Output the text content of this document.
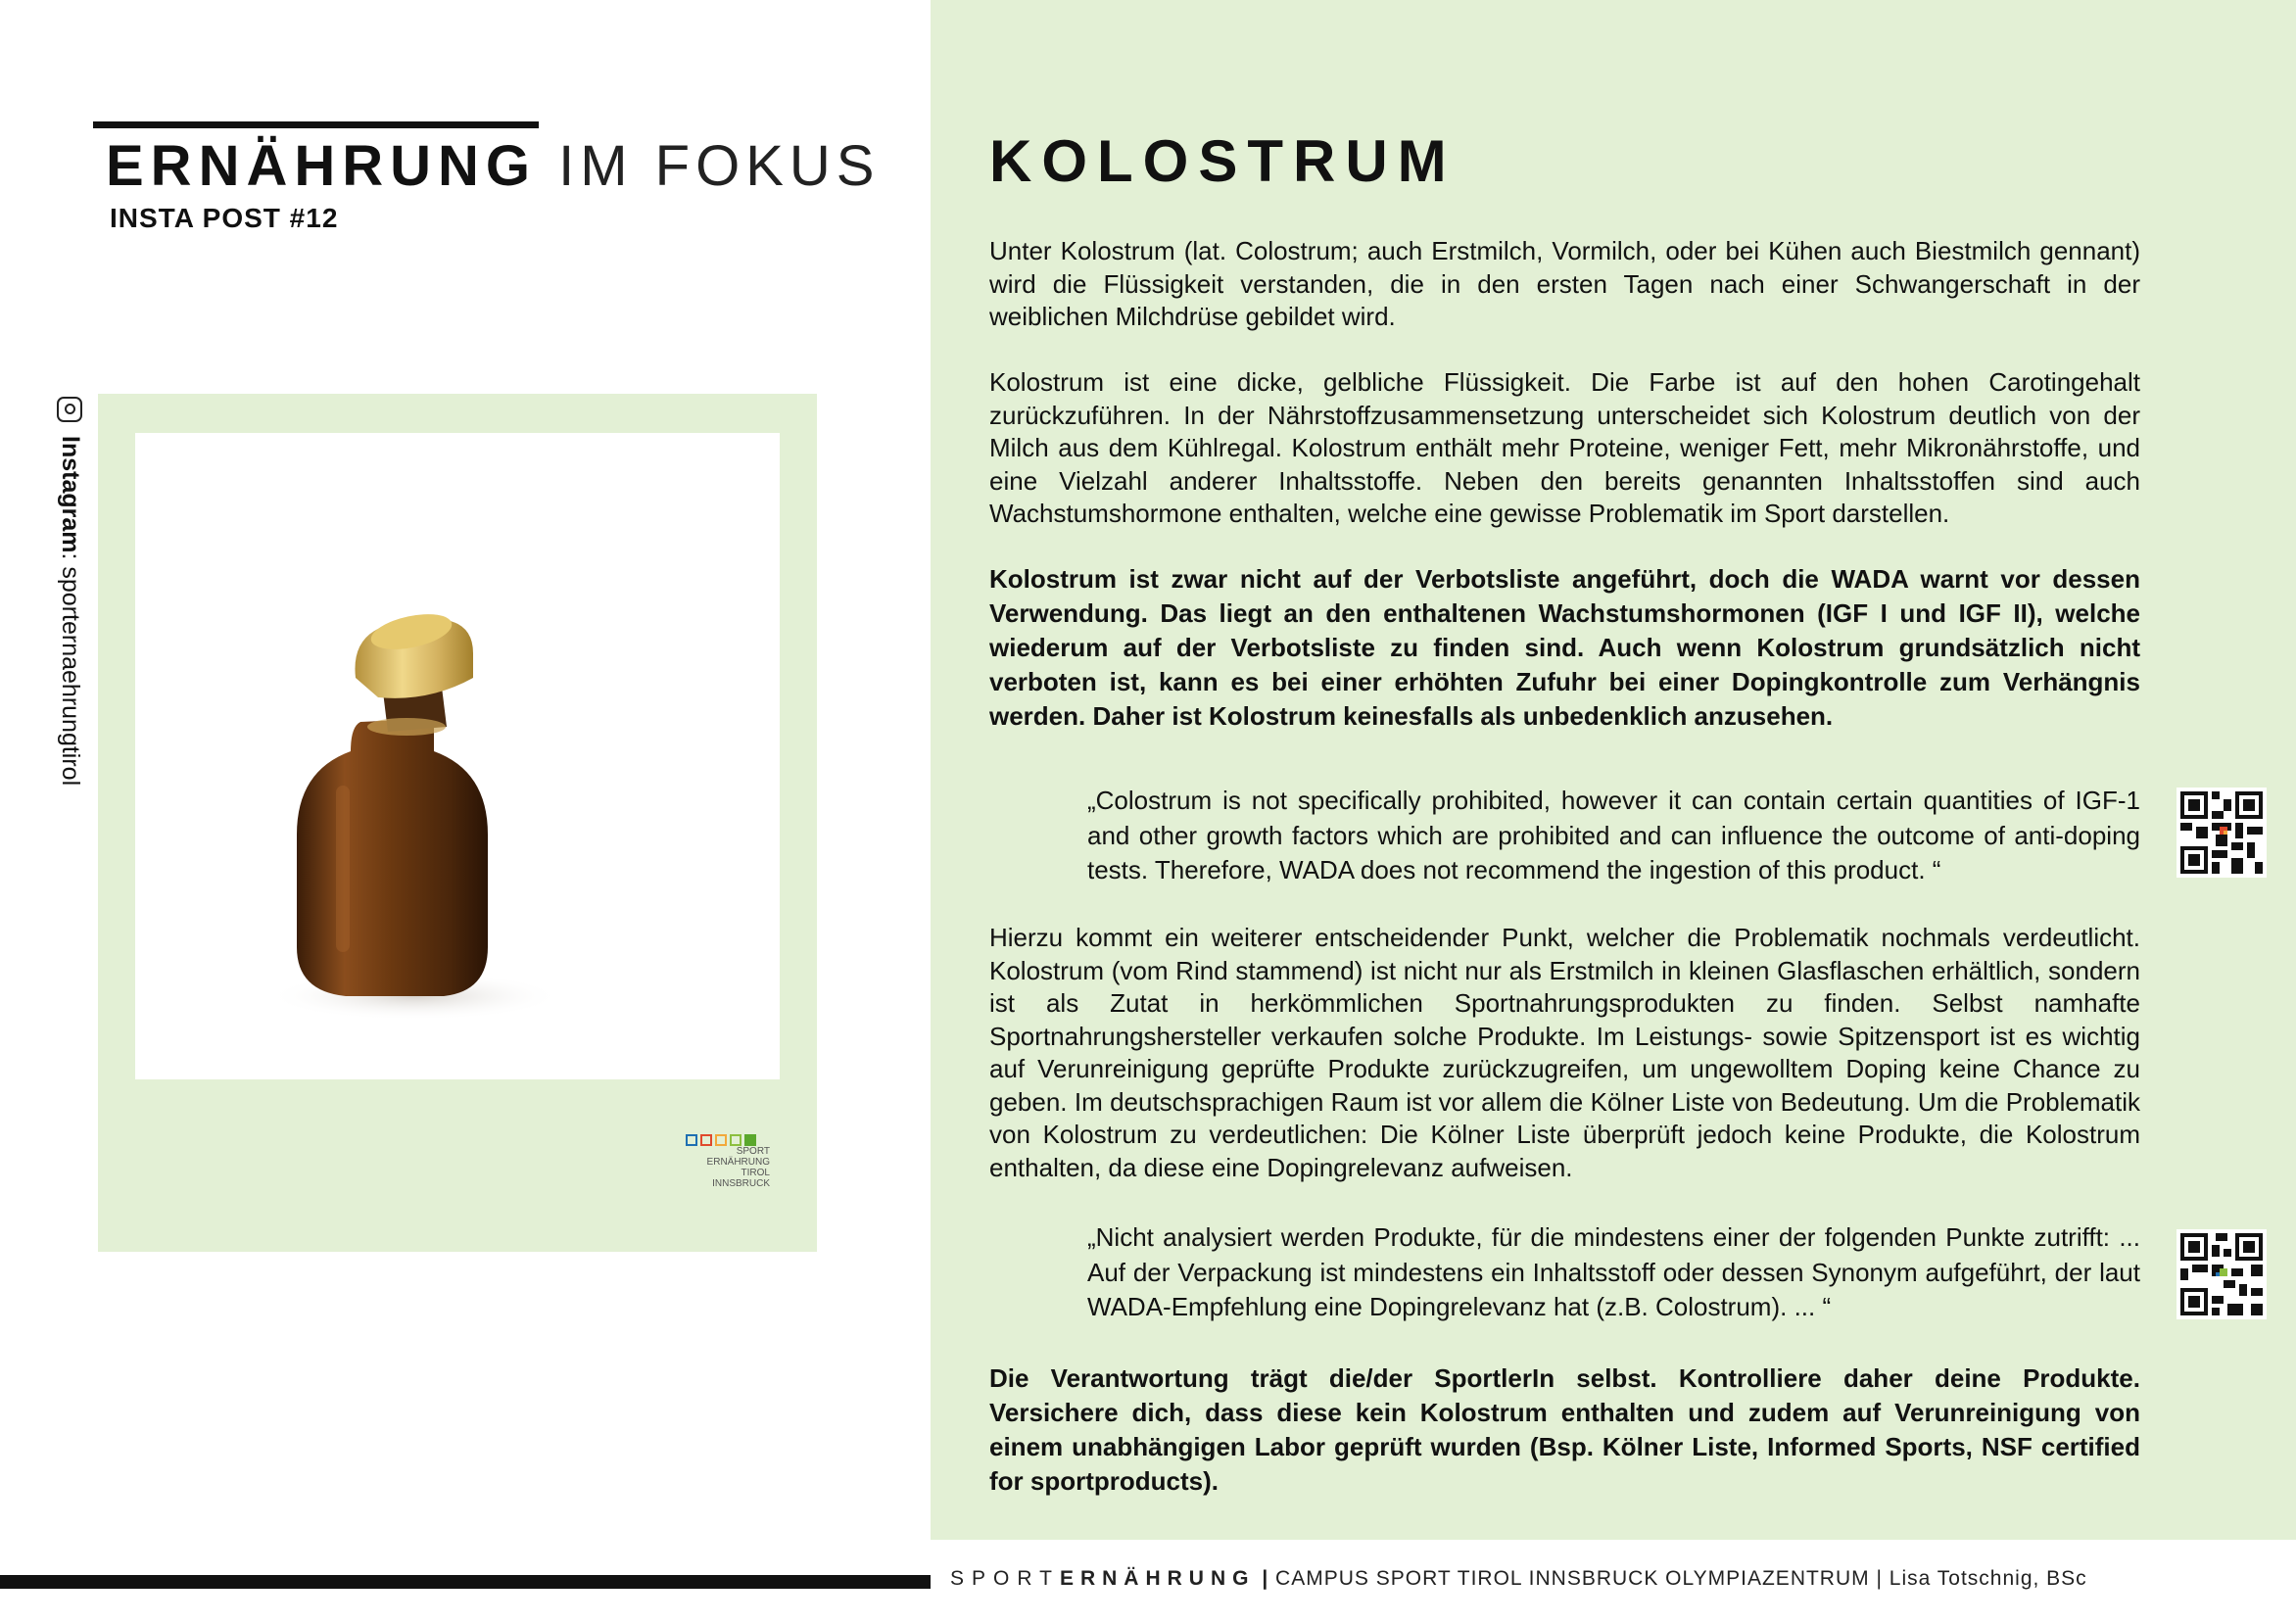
ERNÄHRUNG IM FOKUS
INSTA POST #12
Instagram
:

sporternaehrungtirol
SPORT
ERNÄHRUNG
TIROL INNSBRUCK
KOLOSTRUM

Unter Kolostrum (lat. Colostrum; auch Erstmilch, Vormilch, oder bei Kühen auch Biestmilch gennant) wird die Flüssigkeit verstanden, die in den ersten Tagen nach einer Schwangerschaft in der weiblichen Milchdrüse gebildet wird.

Kolostrum ist eine dicke, gelbliche Flüssigkeit. Die Farbe ist auf den hohen Carotingehalt zurückzuführen. In der Nährstoffzusammensetzung unterscheidet sich Kolostrum deutlich von der Milch aus dem Kühlregal. Kolostrum enthält mehr Proteine, weniger Fett, mehr Mikronährstoffe, und eine Vielzahl anderer Inhaltsstoffe. Neben den bereits genannten Inhaltsstoffen sind auch Wachstumshormone enthalten, welche eine gewisse Problematik im Sport darstellen.

Kolostrum ist zwar nicht auf der Verbotsliste angeführt, doch die WADA warnt vor dessen Verwendung. Das liegt an den enthaltenen Wachstumshormonen (IGF I und IGF II), welche wiederum auf der Verbotsliste zu finden sind. Auch wenn Kolostrum grundsätzlich nicht verboten ist, kann es bei einer erhöhten Zufuhr bei einer Dopingkontrolle zum Verhängnis werden. Daher ist Kolostrum keinesfalls als unbedenklich anzusehen.

„Colostrum is not specifically prohibited, however it can contain certain quantities of IGF-1 and other growth factors which are prohibited and can influence the outcome of anti-doping tests. Therefore, WADA does not recommend the ingestion of this product. “

Hierzu kommt ein weiterer entscheidender Punkt, welcher die Problematik nochmals verdeutlicht. Kolostrum (vom Rind stammend) ist nicht nur als Erstmilch in kleinen Glasflaschen erhältlich, sondern ist als Zutat in herkömmlichen Sportnahrungsprodukten zu finden. Selbst namhafte Sportnahrungshersteller verkaufen solche Produkte. Im Leistungs- sowie Spitzensport ist es wichtig auf Verunreinigung geprüfte Produkte zurückzugreifen, um ungewolltem Doping keine Chance zu geben. Im deutschsprachigen Raum ist vor allem die Kölner Liste von Bedeutung. Um die Problematik von Kolostrum zu verdeutlichen: Die Kölner Liste überprüft jedoch keine Produkte, die Kolostrum enthalten, da diese eine Dopingrelevanz aufweisen.

„Nicht analysiert werden Produkte, für die mindestens einer der folgenden Punkte zutrifft: ... Auf der Verpackung ist mindestens ein Inhaltsstoff oder dessen Synonym aufgeführt, der laut WADA-Empfehlung eine Dopingrelevanz hat (z.B. Colostrum). ... “

Die Verantwortung trägt die/der SportlerIn selbst. Kontrolliere daher deine Produkte. Versichere dich, dass diese kein Kolostrum enthalten und zudem auf Verunreinigung von einem unabhängigen Labor geprüft wurden (Bsp. Kölner Liste, Informed Sports, NSF certified for sportproducts).

SPORTERNÄHRUNG | CAMPUS SPORT TIROL INNSBRUCK OLYMPIAZENTRUM | Lisa Totschnig, BSc
